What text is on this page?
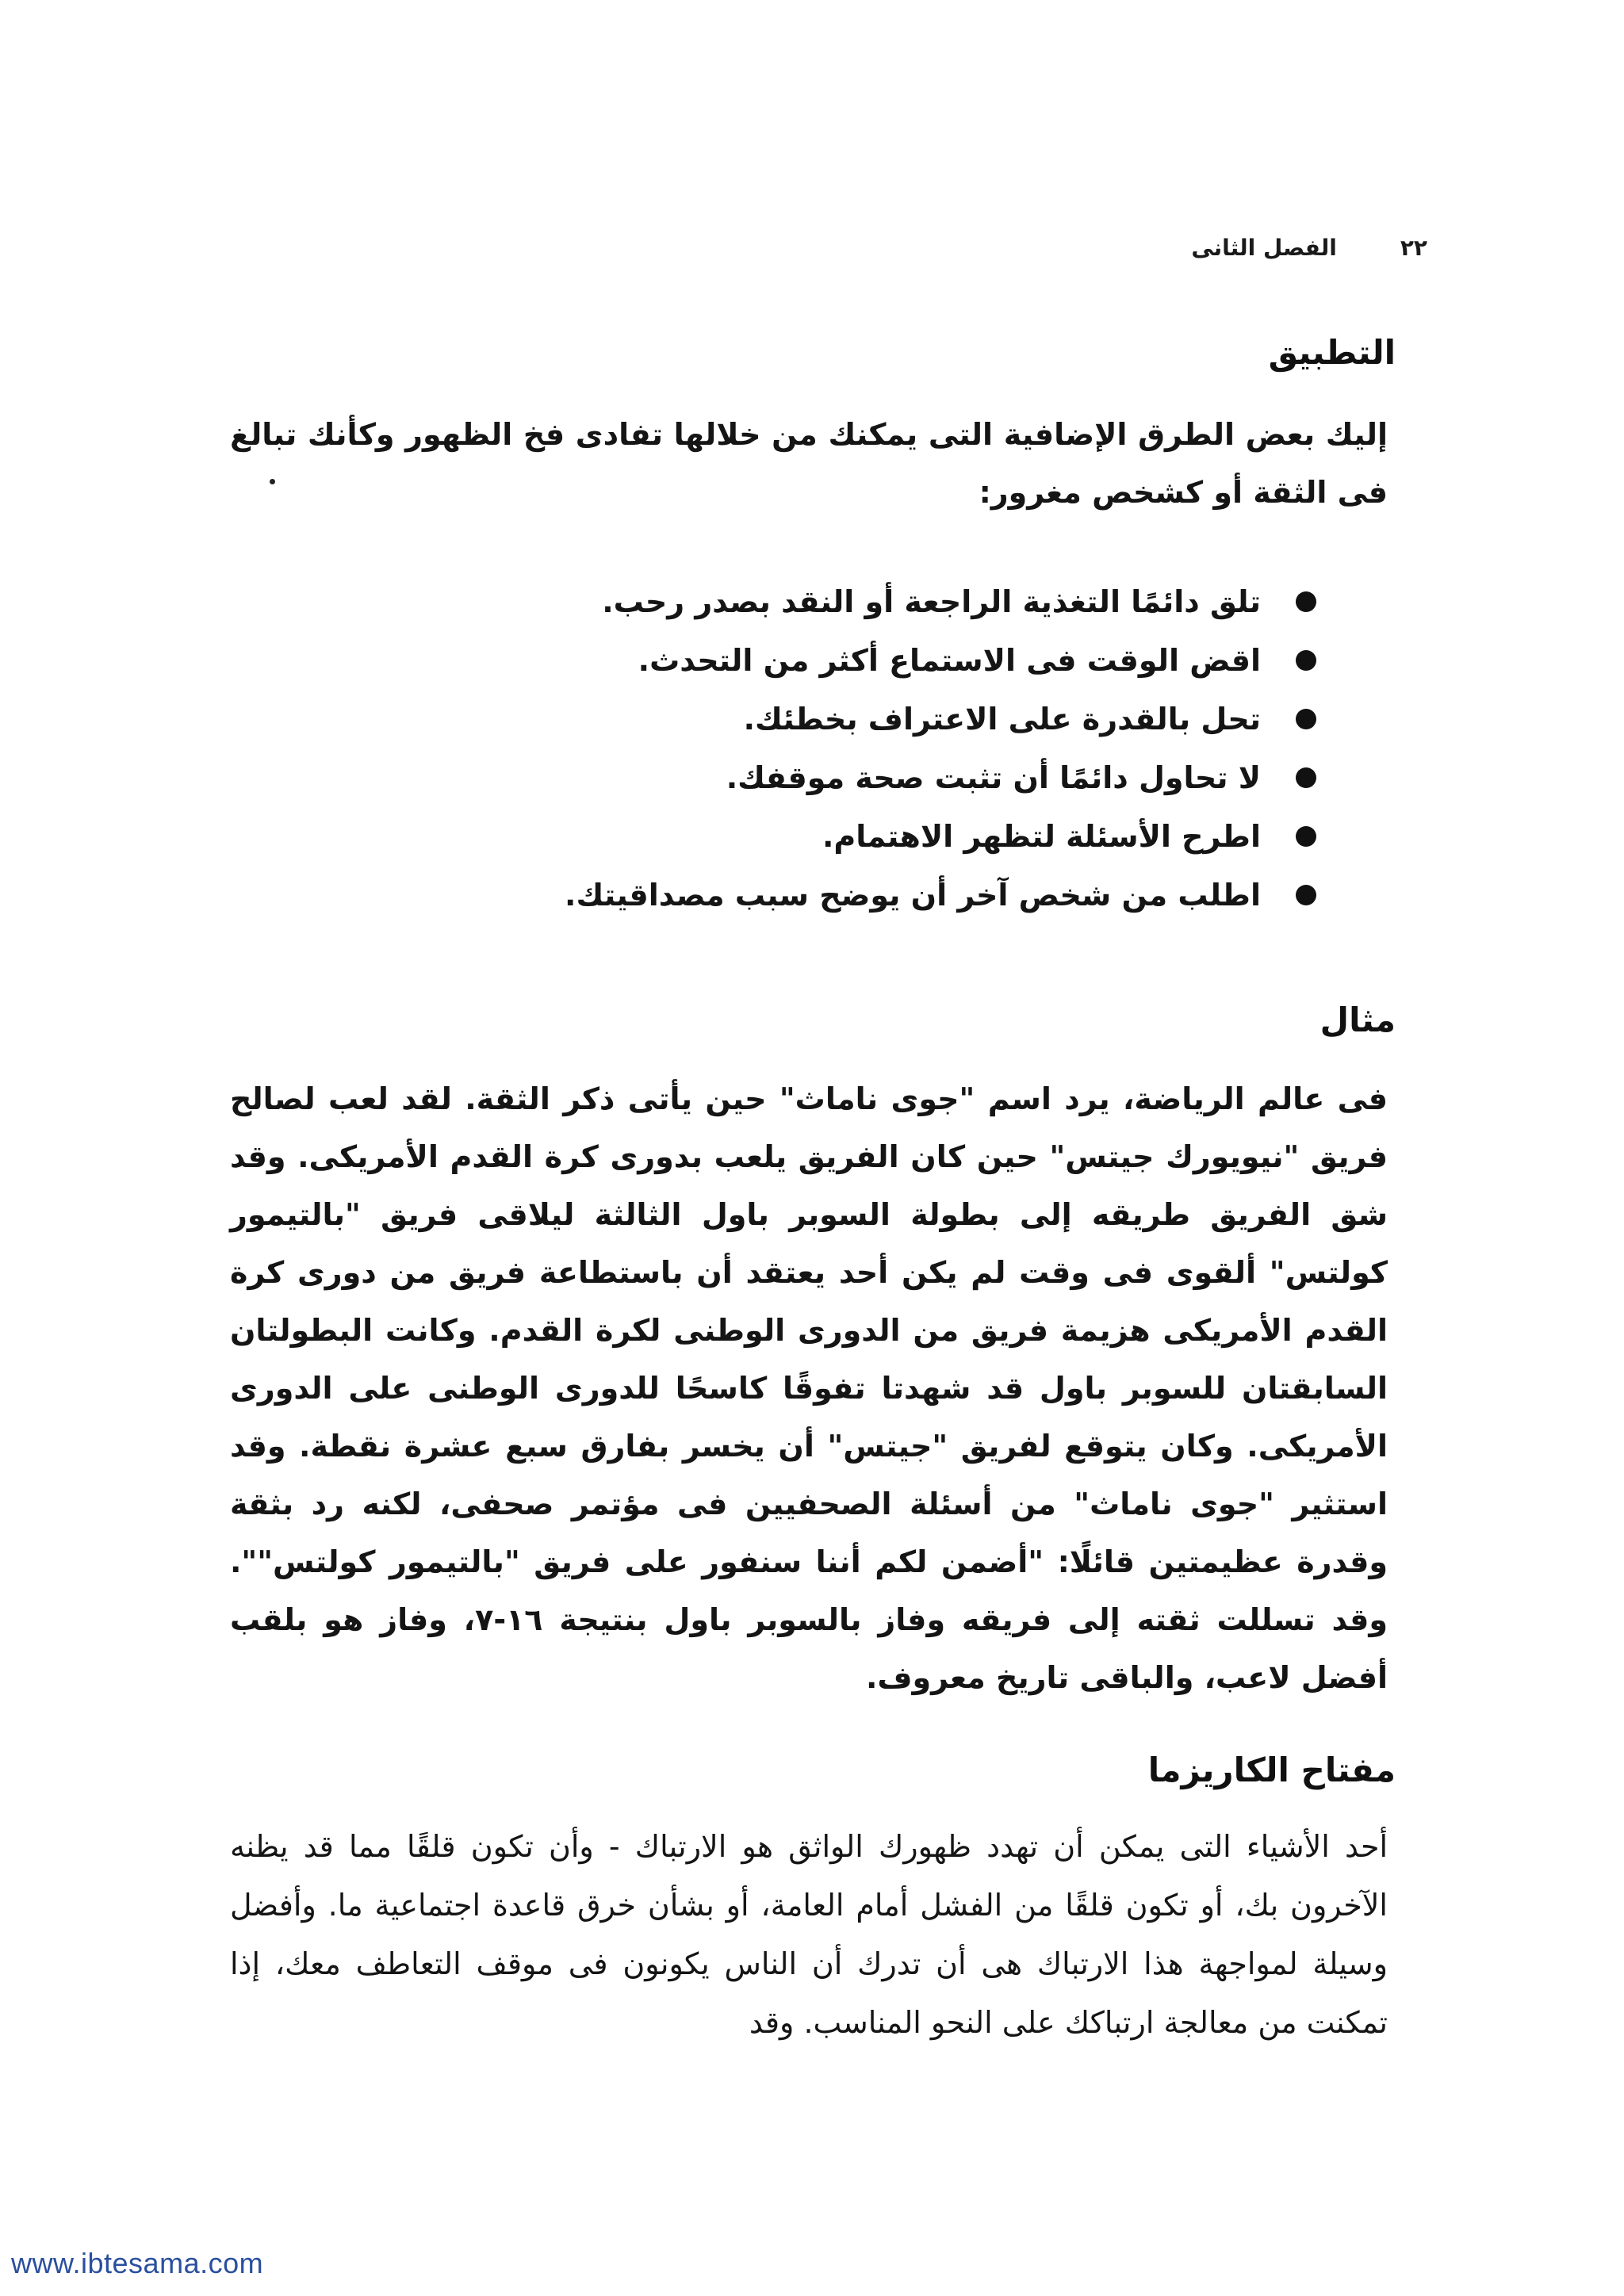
٢٢
الفصل الثانى
التطبيق

إليك بعض الطرق الإضافية التى يمكنك من خلالها تفادى فخ الظهور وكأنك تبالغ فى الثقة أو كشخص مغرور:

تلق دائمًا التغذية الراجعة أو النقد بصدر رحب.
اقض الوقت فى الاستماع أكثر من التحدث.
تحل بالقدرة على الاعتراف بخطئك.
لا تحاول دائمًا أن تثبت صحة موقفك.
اطرح الأسئلة لتظهر الاهتمام.
اطلب من شخص آخر أن يوضح سبب مصداقيتك.
مثال

فى عالم الرياضة، يرد اسم "جوى ناماث" حين يأتى ذكر الثقة. لقد لعب لصالح فريق "نيويورك جيتس" حين كان الفريق يلعب بدورى كرة القدم الأمريكى. وقد شق الفريق طريقه إلى بطولة السوبر باول الثالثة ليلاقى فريق "بالتيمور كولتس" ألقوى فى وقت لم يكن أحد يعتقد أن باستطاعة فريق من دورى كرة القدم الأمريكى هزيمة فريق من الدورى الوطنى لكرة القدم. وكانت البطولتان السابقتان للسوبر باول قد شهدتا تفوقًا كاسحًا للدورى الوطنى على الدورى الأمريكى. وكان يتوقع لفريق "جيتس" أن يخسر بفارق سبع عشرة نقطة. وقد استثير "جوى ناماث" من أسئلة الصحفيين فى مؤتمر صحفى، لكنه رد بثقة وقدرة عظيمتين قائلًا: "أضمن لكم أننا سنفور على فريق "بالتيمور كولتس"". وقد تسللت ثقته إلى فريقه وفاز بالسوبر باول بنتيجة ١٦-٧، وفاز هو بلقب أفضل لاعب، والباقى تاريخ معروف.

مفتاح الكاريزما

أحد الأشياء التى يمكن أن تهدد ظهورك الواثق هو الارتباك - وأن تكون قلقًا مما قد يظنه الآخرون بك، أو تكون قلقًا من الفشل أمام العامة، أو بشأن خرق قاعدة اجتماعية ما. وأفضل وسيلة لمواجهة هذا الارتباك هى أن تدرك أن الناس يكونون فى موقف التعاطف معك، إذا تمكنت من معالجة ارتباكك على النحو المناسب. وقد

www.ibtesama.com
